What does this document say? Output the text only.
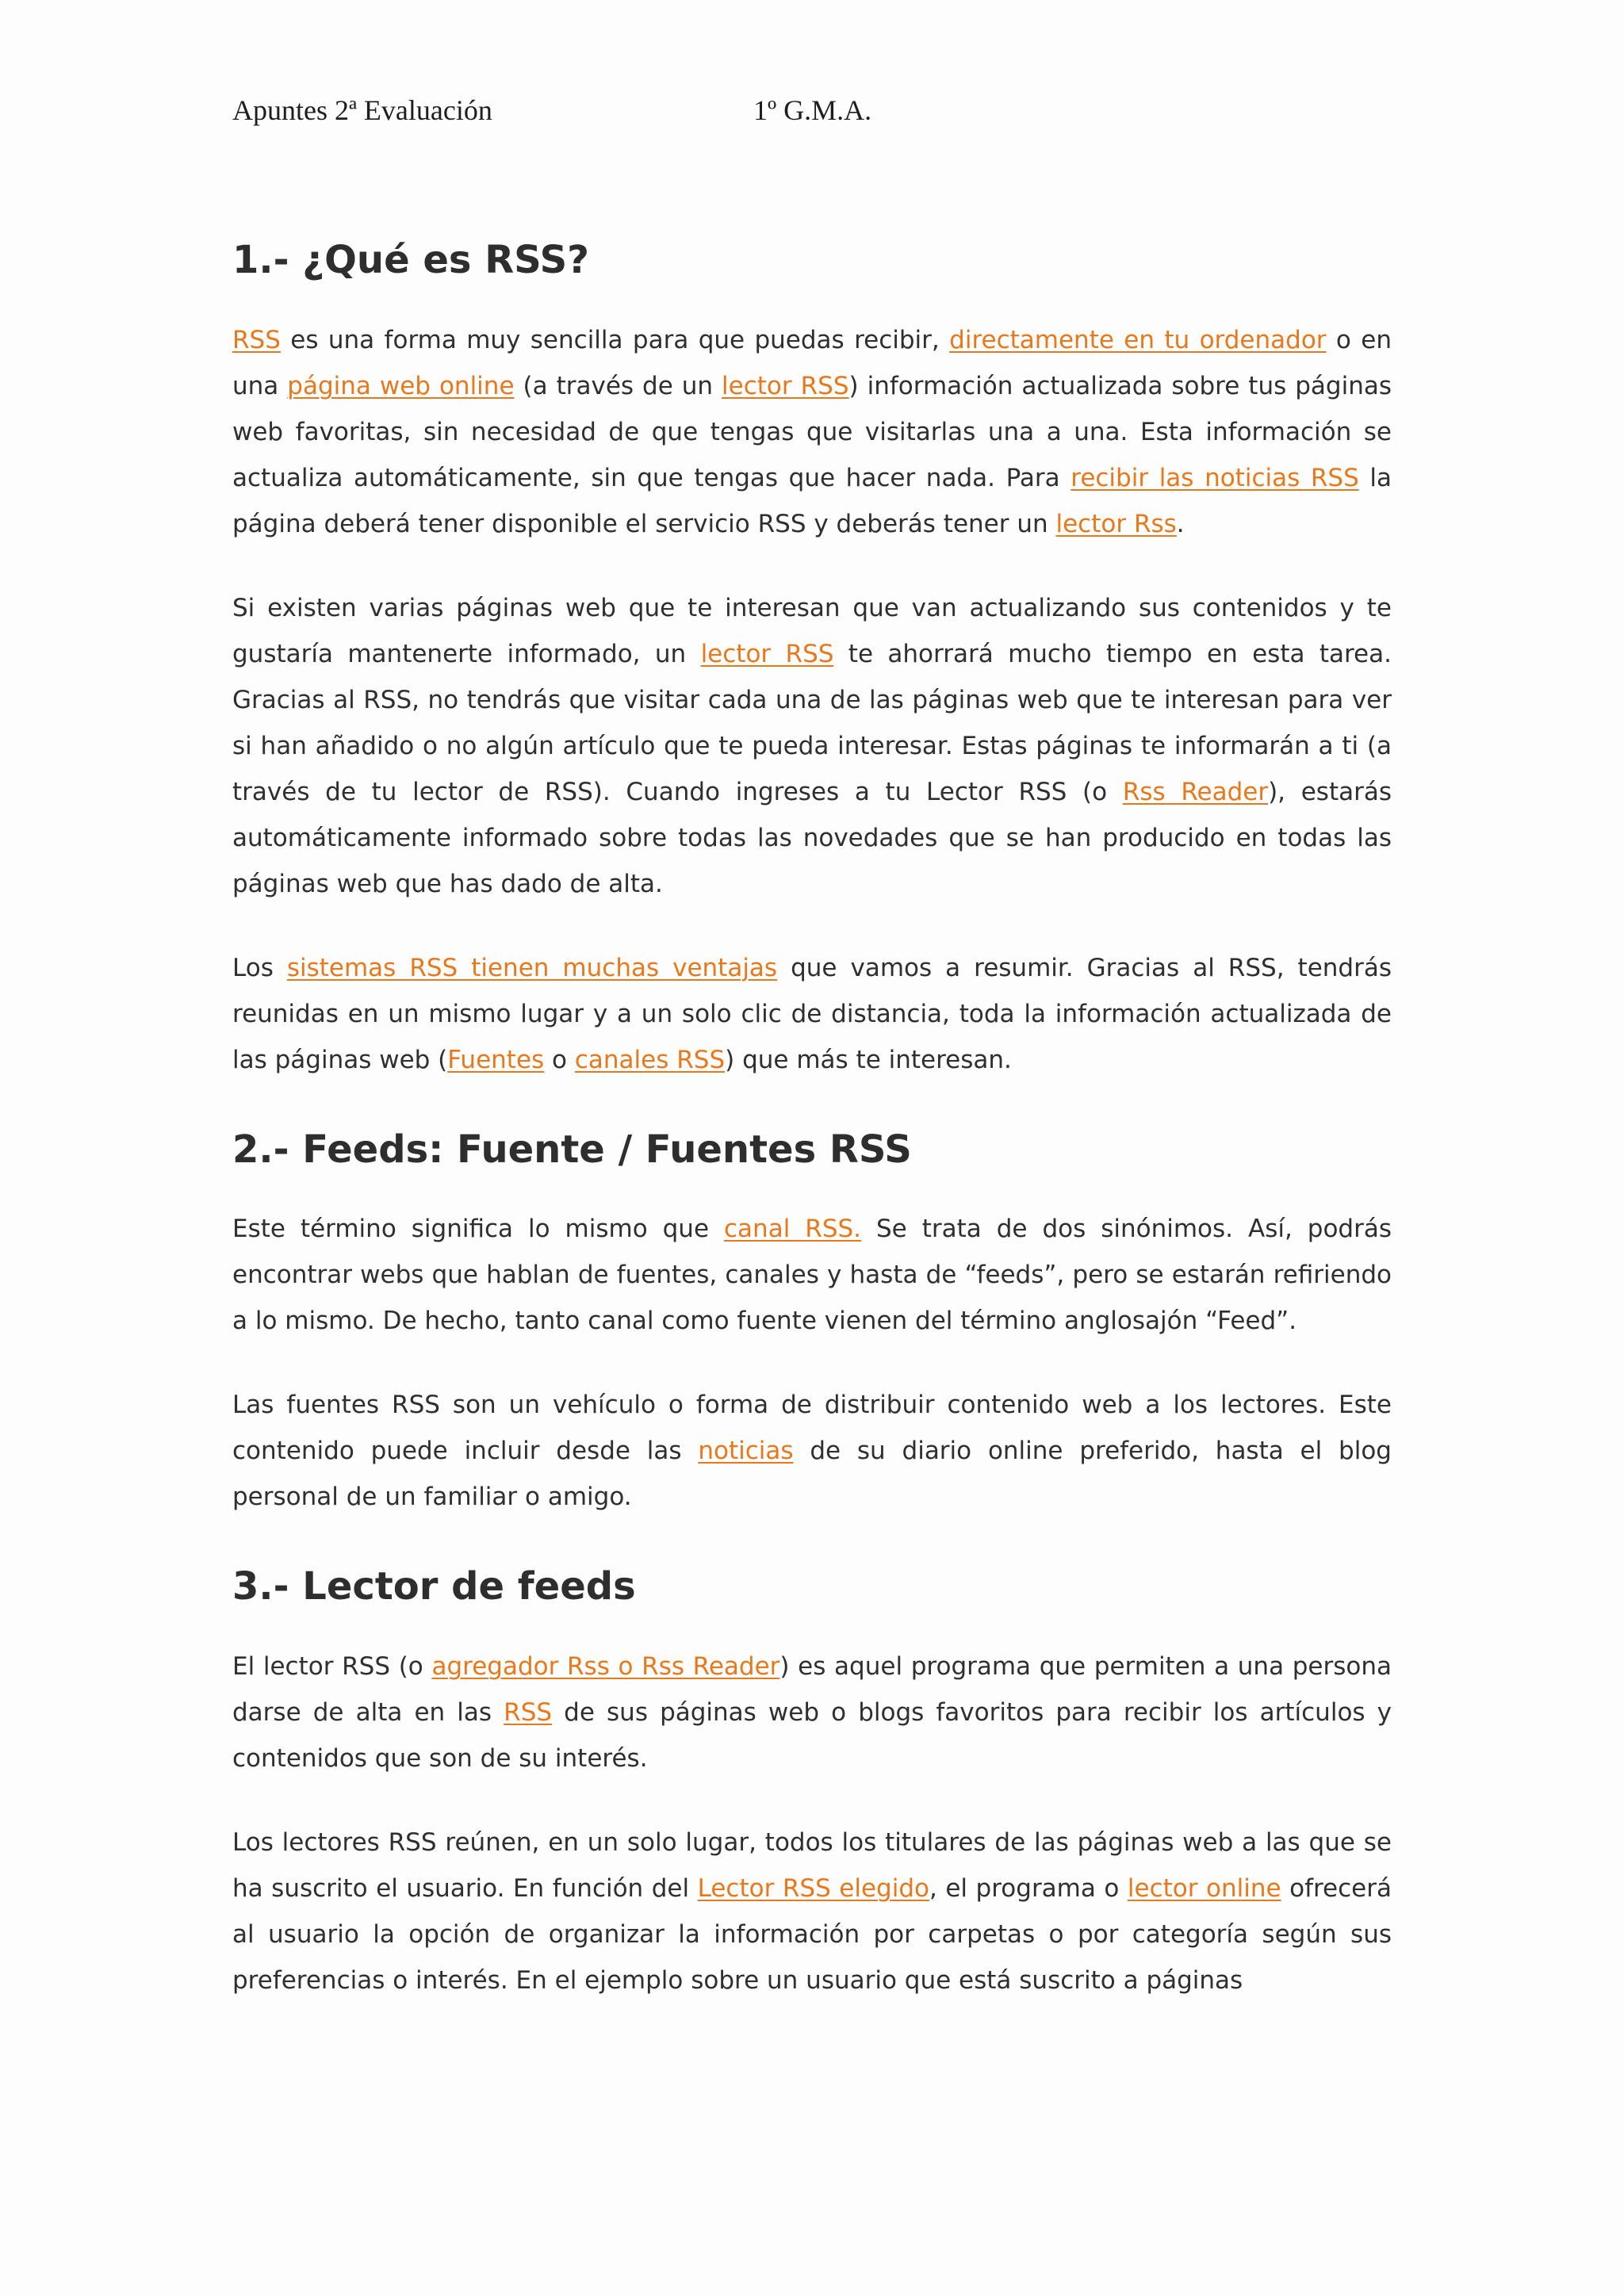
Apuntes 2ª Evaluación	1º G.M.A.
1.- ¿Qué es RSS?

RSS es una forma muy sencilla para que puedas recibir, directamente en tu ordenador o en una página web online (a través de un lector RSS) información actualizada sobre tus páginas web favoritas, sin necesidad de que tengas que visitarlas una a una. Esta información se actualiza automáticamente, sin que tengas que hacer nada. Para recibir las noticias RSS la página deberá tener disponible el servicio RSS y deberás tener un lector Rss.

Si existen varias páginas web que te interesan que van actualizando sus contenidos y te gustaría mantenerte informado, un lector RSS te ahorrará mucho tiempo en esta tarea. Gracias al RSS, no tendrás que visitar cada una de las páginas web que te interesan para ver si han añadido o no algún artículo que te pueda interesar. Estas páginas te informarán a ti (a través de tu lector de RSS). Cuando ingreses a tu Lector RSS (o Rss Reader), estarás automáticamente informado sobre todas las novedades que se han producido en todas las páginas web que has dado de alta.

Los sistemas RSS tienen muchas ventajas que vamos a resumir. Gracias al RSS, tendrás reunidas en un mismo lugar y a un solo clic de distancia, toda la información actualizada de las páginas web (Fuentes o canales RSS) que más te interesan.

2.- Feeds: Fuente / Fuentes RSS

Este término significa lo mismo que canal RSS. Se trata de dos sinónimos. Así, podrás encontrar webs que hablan de fuentes, canales y hasta de “feeds”, pero se estarán refiriendo a lo mismo. De hecho, tanto canal como fuente vienen del término anglosajón “Feed”.

Las fuentes RSS son un vehículo o forma de distribuir contenido web a los lectores. Este contenido puede incluir desde las noticias de su diario online preferido, hasta el blog personal de un familiar o amigo.

3.- Lector de feeds

El lector RSS (o agregador Rss o Rss Reader) es aquel programa que permiten a una persona darse de alta en las RSS de sus páginas web o blogs favoritos para recibir los artículos y contenidos que son de su interés.

Los lectores RSS reúnen, en un solo lugar, todos los titulares de las páginas web a las que se ha suscrito el usuario. En función del Lector RSS elegido, el programa o lector online ofrecerá al usuario la opción de organizar la información por carpetas o por categoría según sus preferencias o interés. En el ejemplo sobre un usuario que está suscrito a páginas
